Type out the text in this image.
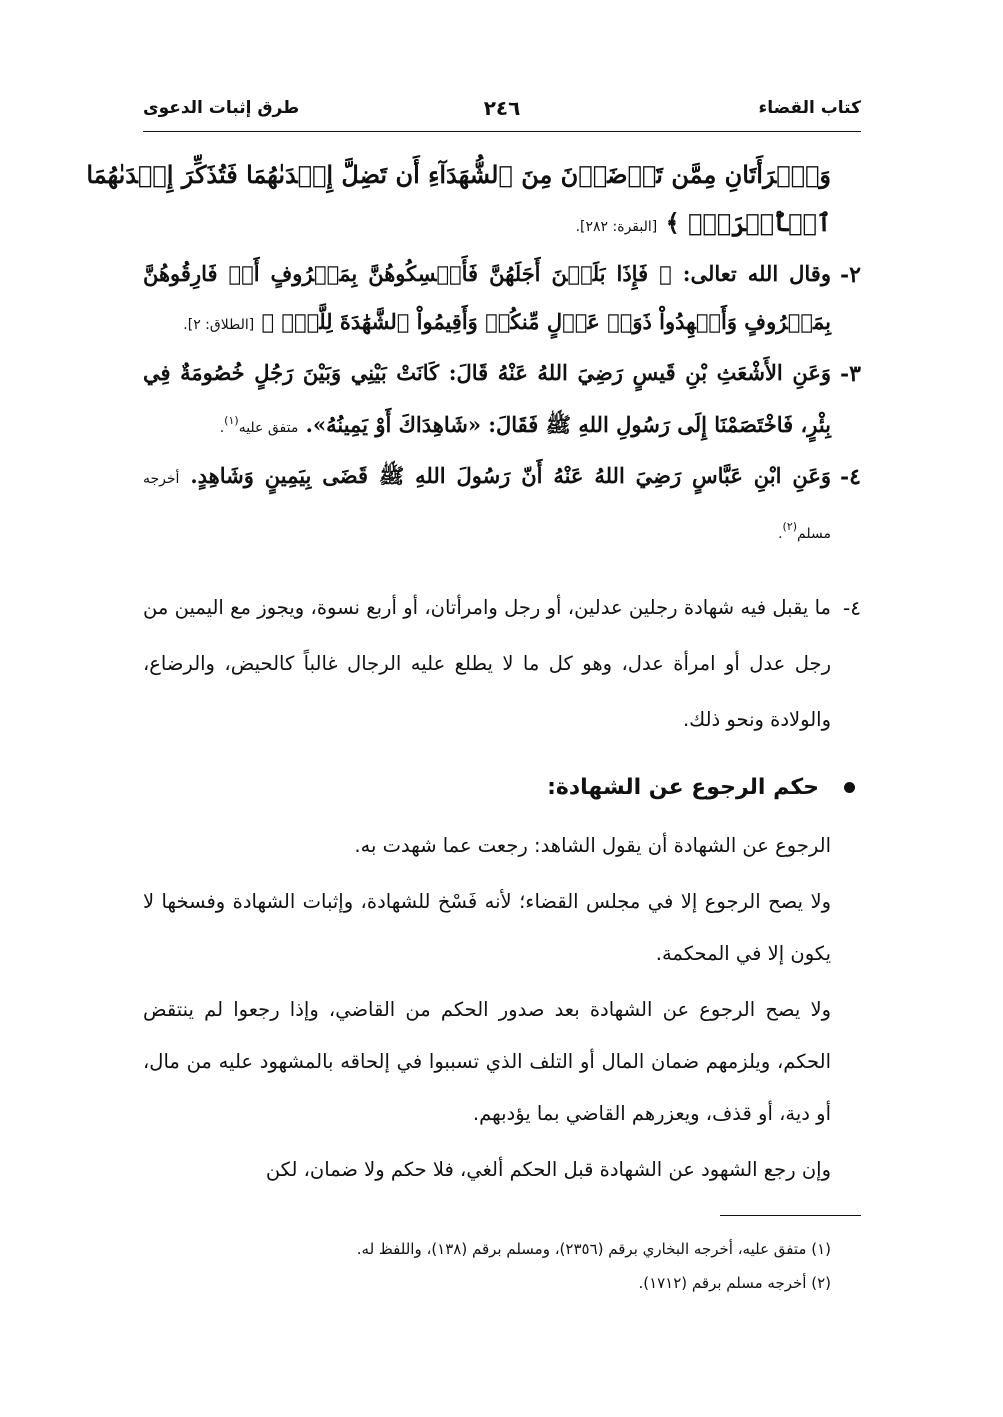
كتاب القضاء
٢٤٦
طرق إثبات الدعوى
وَٱمۡرَأَتَانِ مِمَّن تَرۡضَوۡنَ مِنَ ٱلشُّهَدَآءِ أَن تَضِلَّ إِحۡدَىٰهُمَا فَتُذَكِّرَ إِحۡدَىٰهُمَا
ٱلۡأُخۡرَىٰۚ ﴾ [البقرة: ٢٨٢].
٢-
وقال الله تعالى: ﴿ فَإِذَا بَلَغۡنَ أَجَلَهُنَّ فَأَمۡسِكُوهُنَّ بِمَعۡرُوفٍ أَوۡ فَارِقُوهُنَّ بِمَعۡرُوفٍ وَأَشۡهِدُواْ ذَوَيۡ عَدۡلٍ مِّنكُمۡ وَأَقِيمُواْ ٱلشَّهَٰدَةَ لِلَّهِۚ ﴾ [الطلاق: ٢].
٣-
وَعَنِ الأَشْعَثِ بْنِ قَيسٍ رَضِيَ اللهُ عَنْهُ قَالَ: كَانَتْ بَيْنِي وَبَيْنَ رَجُلٍ خُصُومَةٌ فِي بِئْرٍ، فَاخْتَصَمْنَا إِلَى رَسُولِ اللهِ ﷺ فَقَالَ: «شَاهِدَاكَ أَوْ يَمِينُهُ». متفق عليه$^{(١)}$.
٤-
وَعَنِ ابْنِ عَبَّاسٍ رَضِيَ اللهُ عَنْهُ أَنّ رَسُولَ اللهِ ﷺ قَضَى بِيَمِينٍ وَشَاهِدٍ. أخرجه مسلم$^{(٢)}$.
٤-
ما يقبل فيه شهادة رجلين عدلين، أو رجل وامرأتان، أو أربع نسوة، ويجوز مع اليمين من رجل عدل أو امرأة عدل، وهو كل ما لا يطلع عليه الرجال غالباً كالحيض، والرضاع، والولادة ونحو ذلك.
حكم الرجوع عن الشهادة:

الرجوع عن الشهادة أن يقول الشاهد: رجعت عما شهدت به.

ولا يصح الرجوع إلا في مجلس القضاء؛ لأنه فَسْخ للشهادة، وإثبات الشهادة وفسخها لا يكون إلا في المحكمة.

ولا يصح الرجوع عن الشهادة بعد صدور الحكم من القاضي، وإذا رجعوا لم ينتقض الحكم، ويلزمهم ضمان المال أو التلف الذي تسببوا في إلحاقه بالمشهود عليه من مال، أو دية، أو قذف، ويعزرهم القاضي بما يؤدبهم.

وإن رجع الشهود عن الشهادة قبل الحكم ألغي، فلا حكم ولا ضمان، لكن

(١) متفق عليه، أخرجه البخاري برقم (٢٣٥٦)، ومسلم برقم (١٣٨)، واللفظ له.
(٢) أخرجه مسلم برقم (١٧١٢).
